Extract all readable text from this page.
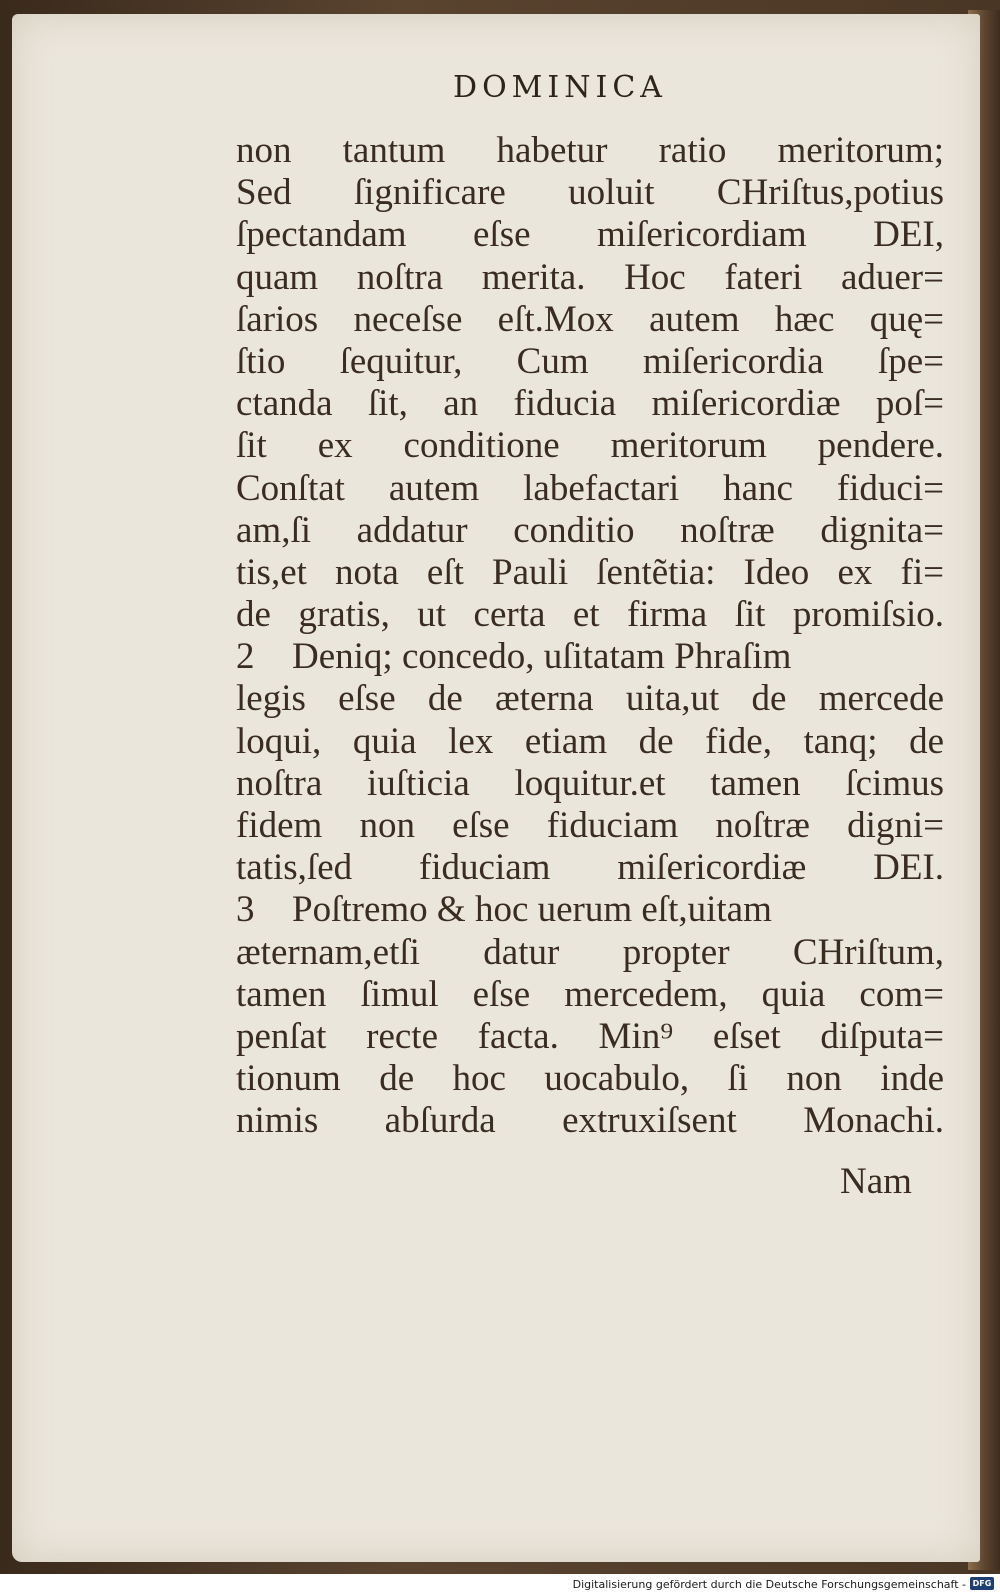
DOMINICA
non tantum habetur ratio meritorum;
Sed ſignificare uoluit CHriſtus,potius
ſpectandam eſse miſericordiam DEI,
quam noſtra merita. Hoc fateri aduer=
ſarios neceſse eſt.Mox autem hæc quę=
ſtio ſequitur, Cum miſericordia ſpe=
ctanda ſit, an fiducia miſericordiæ poſ=
ſit ex conditione meritorum pendere.
Conſtat autem labefactari hanc fiduci=
am,ſi addatur conditio noſtræ dignita=
tis,et nota eſt Pauli ſentẽtia: Ideo ex fi=
de gratis, ut certa et firma ſit promiſsio.
2 Deniq; concedo, uſitatam Phraſim
legis eſse de æterna uita,ut de mercede
loqui, quia lex etiam de fide, tanq; de
noſtra iuſticia loquitur.et tamen ſcimus
fidem non eſse fiduciam noſtræ digni=
tatis,ſed fiduciam miſericordiæ DEI.
3 Poſtremo & hoc uerum eſt,uitam
æternam,etſi datur propter CHriſtum,
tamen ſimul eſse mercedem, quia com=
penſat recte facta. Min⁹ eſset diſputa=
tionum de hoc uocabulo, ſi non inde
nimis abſurda extruxiſsent Monachi.
Nam
Digitalisierung gefördert durch die Deutsche Forschungsgemeinschaft - DFG
